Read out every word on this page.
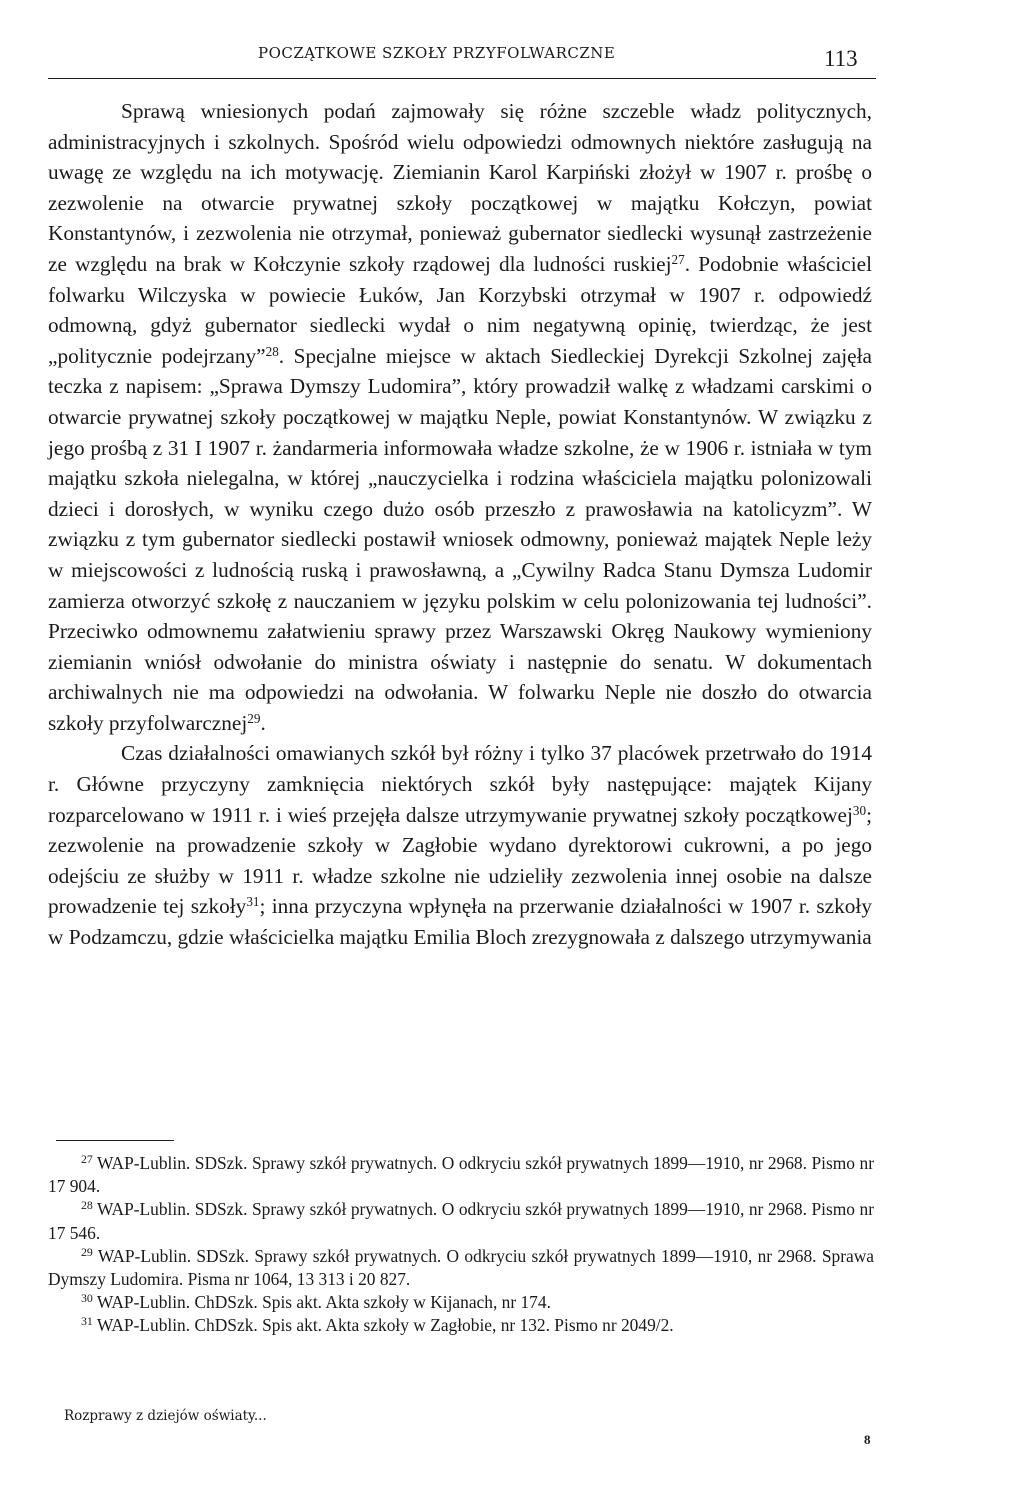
POCZĄTKOWE SZKOŁY PRZYFOLWARCZNE	113

Sprawą wniesionych podań zajmowały się różne szczeble władz politycznych, administracyjnych i szkolnych. Spośród wielu odpowiedzi odmownych niektóre zasługują na uwagę ze względu na ich motywację. Ziemianin Karol Karpiński złożył w 1907 r. prośbę o zezwolenie na otwarcie prywatnej szkoły początkowej w majątku Kołczyn, powiat Konstantynów, i zezwolenia nie otrzymał, ponieważ gubernator siedlecki wysunął zastrzeżenie ze względu na brak w Kołczynie szkoły rządowej dla ludności ruskiej$^{27}$. Podobnie właściciel folwarku Wilczyska w powiecie Łuków, Jan Korzybski otrzymał w 1907 r. odpowiedź odmowną, gdyż gubernator siedlecki wydał o nim negatywną opinię, twierdząc, że jest „politycznie podejrzany”$^{28}$. Specjalne miejsce w aktach Siedleckiej Dyrekcji Szkolnej zajęła teczka z napisem: „Sprawa Dymszy Ludomira”, który prowadził walkę z władzami carskimi o otwarcie prywatnej szkoły początkowej w majątku Neple, powiat Konstantynów. W związku z jego prośbą z 31 I 1907 r. żandarmeria informowała władze szkolne, że w 1906 r. istniała w tym majątku szkoła nielegalna, w której „nauczycielka i rodzina właściciela majątku polonizowali dzieci i dorosłych, w wyniku czego dużo osób przeszło z prawosławia na katolicyzm”. W związku z tym gubernator siedlecki postawił wniosek odmowny, ponieważ majątek Neple leży w miejscowości z ludnością ruską i prawosławną, a „Cywilny Radca Stanu Dymsza Ludomir zamierza otworzyć szkołę z nauczaniem w języku polskim w celu polonizowania tej ludności”. Przeciwko odmownemu załatwieniu sprawy przez Warszawski Okręg Naukowy wymieniony ziemianin wniósł odwołanie do ministra oświaty i następnie do senatu. W dokumentach archiwalnych nie ma odpowiedzi na odwołania. W folwarku Neple nie doszło do otwarcia szkoły przyfolwarcznej$^{29}$.

Czas działalności omawianych szkół był różny i tylko 37 placówek przetrwało do 1914 r. Główne przyczyny zamknięcia niektórych szkół były następujące: majątek Kijany rozparcelowano w 1911 r. i wieś przejęła dalsze utrzymywanie prywatnej szkoły początkowej$^{30}$; zezwolenie na prowadzenie szkoły w Zagłobie wydano dyrektorowi cukrowni, a po jego odejściu ze służby w 1911 r. władze szkolne nie udzieliły zezwolenia innej osobie na dalsze prowadzenie tej szkoły$^{31}$; inna przyczyna wpłynęła na przerwanie działalności w 1907 r. szkoły w Podzamczu, gdzie właścicielka majątku Emilia Bloch zrezygnowała z dalszego utrzymywania

$^{27}$ WAP-Lublin. SDSzk. Sprawy szkół prywatnych. O odkryciu szkół prywatnych 1899—1910, nr 2968. Pismo nr 17 904.

$^{28}$ WAP-Lublin. SDSzk. Sprawy szkół prywatnych. O odkryciu szkół prywatnych 1899—1910, nr 2968. Pismo nr 17 546.

$^{29}$ WAP-Lublin. SDSzk. Sprawy szkół prywatnych. O odkryciu szkół prywatnych 1899—1910, nr 2968. Sprawa Dymszy Ludomira. Pisma nr 1064, 13 313 i 20 827.

$^{30}$ WAP-Lublin. ChDSzk. Spis akt. Akta szkoły w Kijanach, nr 174.

$^{31}$ WAP-Lublin. ChDSzk. Spis akt. Akta szkoły w Zagłobie, nr 132. Pismo nr 2049/2.

Rozprawy z dziejów oświaty...
8
